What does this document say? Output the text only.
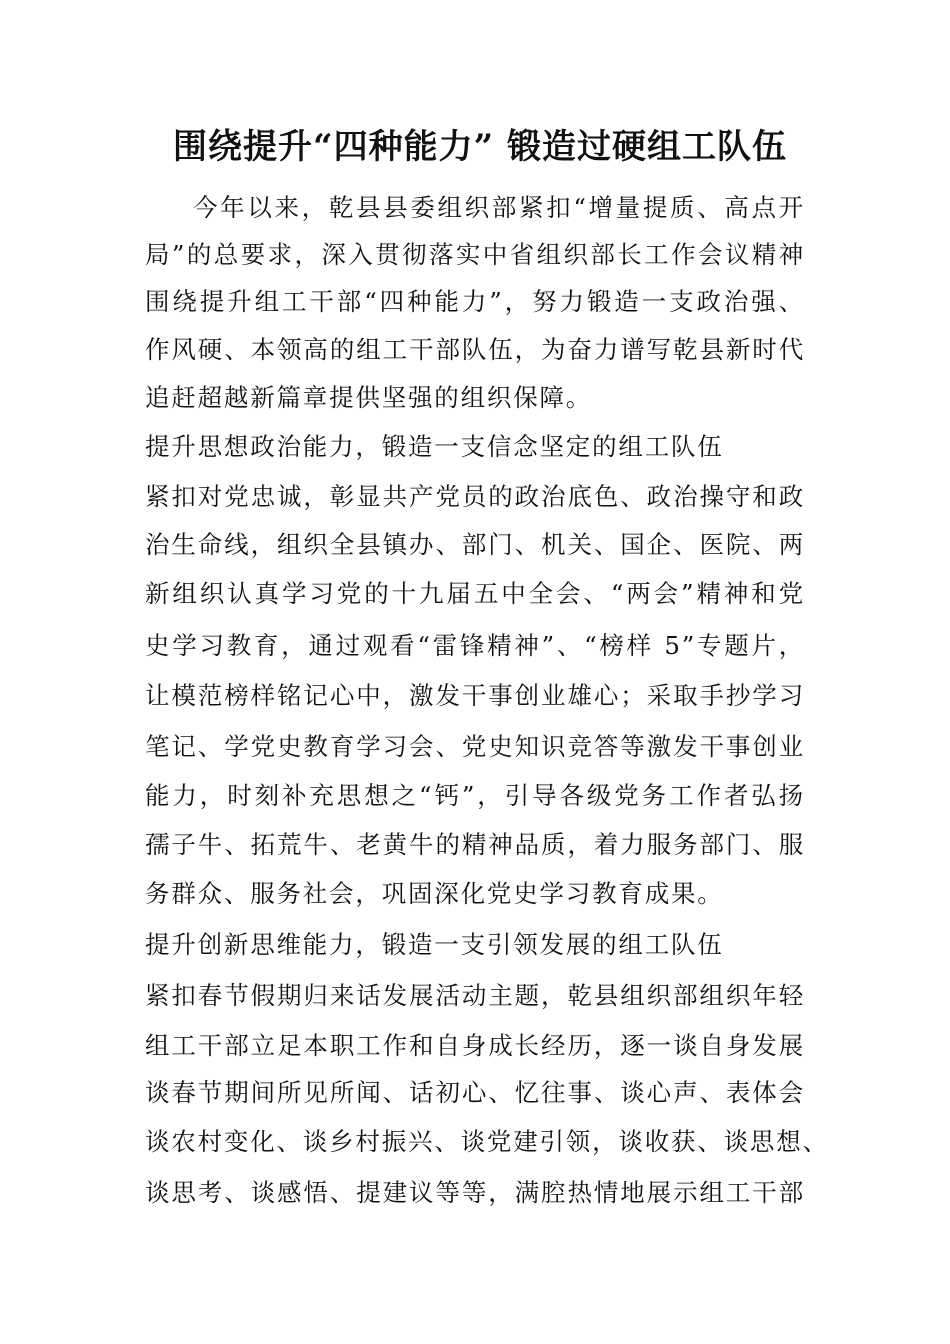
围绕提升“四种能力” 锻造过硬组工队伍
今年以来，乾县县委组织部紧扣“增量提质、高点开
局”的总要求，深入贯彻落实中省组织部长工作会议精神
围绕提升组工干部“四种能力”，努力锻造一支政治强、
作风硬、本领高的组工干部队伍，为奋力谱写乾县新时代
追赶超越新篇章提供坚强的组织保障。
提升思想政治能力，锻造一支信念坚定的组工队伍
紧扣对党忠诚，彰显共产党员的政治底色、政治操守和政
治生命线，组织全县镇办、部门、机关、国企、医院、两
新组织认真学习党的十九届五中全会、“两会”精神和党
史学习教育，通过观看“雷锋精神”、“榜样 5”专题片，
让模范榜样铭记心中，激发干事创业雄心；采取手抄学习
笔记、学党史教育学习会、党史知识竞答等激发干事创业
能力，时刻补充思想之“钙”，引导各级党务工作者弘扬
孺子牛、拓荒牛、老黄牛的精神品质，着力服务部门、服
务群众、服务社会，巩固深化党史学习教育成果。
提升创新思维能力，锻造一支引领发展的组工队伍
紧扣春节假期归来话发展活动主题，乾县组织部组织年轻
组工干部立足本职工作和自身成长经历，逐一谈自身发展
谈春节期间所见所闻、话初心、忆往事、谈心声、表体会
谈农村变化、谈乡村振兴、谈党建引领，谈收获、谈思想、
谈思考、谈感悟、提建议等等，满腔热情地展示组工干部
